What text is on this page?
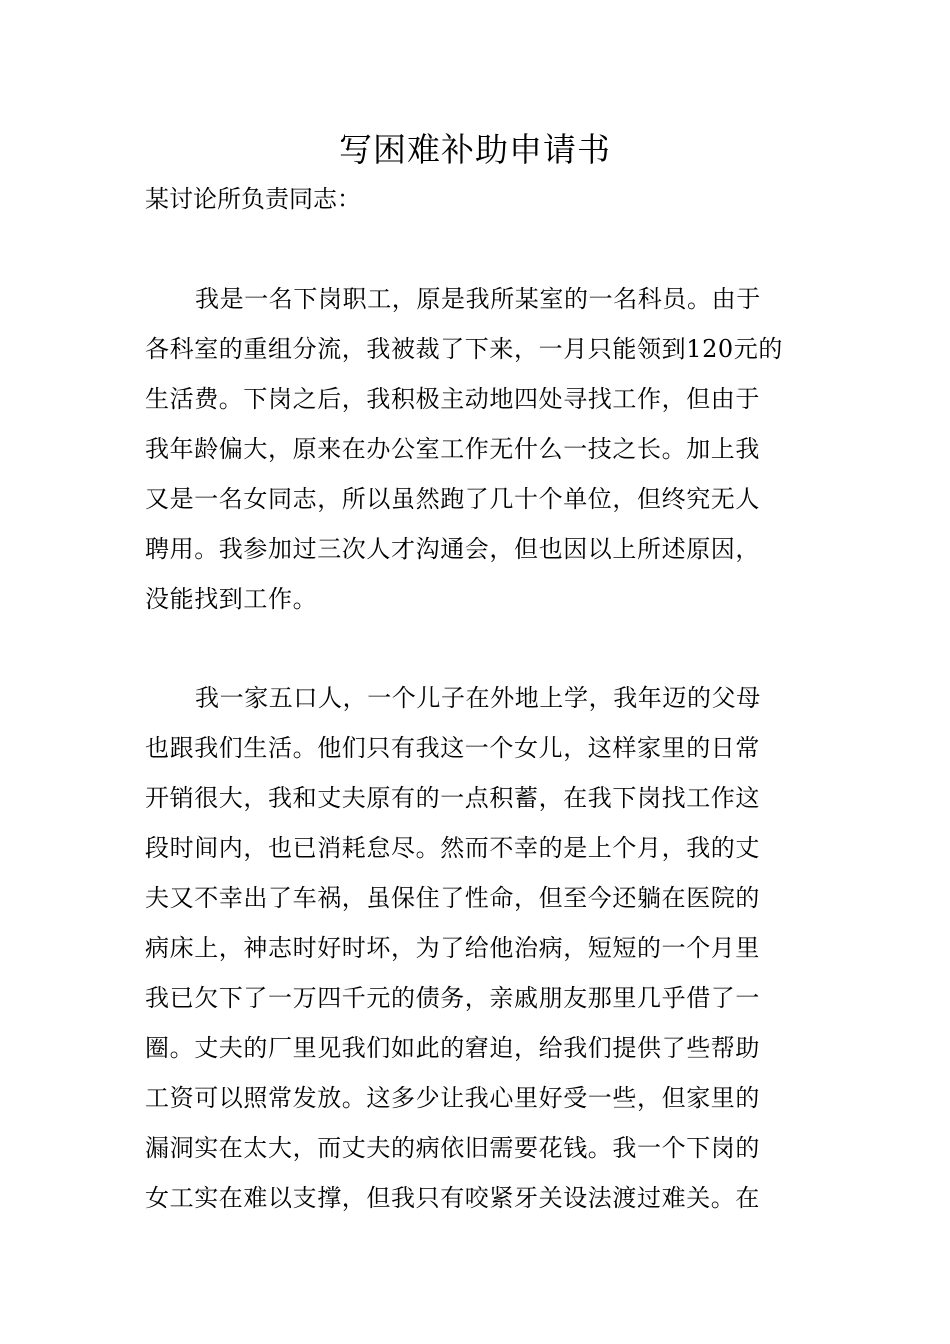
写困难补助申请书

某讨论所负责同志：

我是一名下岗职工，原是我所某室的一名科员。由于
各科室的重组分流，我被裁了下来，一月只能领到120元的
生活费。下岗之后，我积极主动地四处寻找工作，但由于
我年龄偏大，原来在办公室工作无什么一技之长。加上我
又是一名女同志，所以虽然跑了几十个单位，但终究无人
聘用。我参加过三次人才沟通会，但也因以上所述原因，
没能找到工作。
我一家五口人，一个儿子在外地上学，我年迈的父母
也跟我们生活。他们只有我这一个女儿，这样家里的日常
开销很大，我和丈夫原有的一点积蓄，在我下岗找工作这
段时间内，也已消耗怠尽。然而不幸的是上个月，我的丈
夫又不幸出了车祸，虽保住了性命，但至今还躺在医院的
病床上，神志时好时坏，为了给他治病，短短的一个月里
我已欠下了一万四千元的债务，亲戚朋友那里几乎借了一
圈。丈夫的厂里见我们如此的窘迫，给我们提供了些帮助
工资可以照常发放。这多少让我心里好受一些，但家里的
漏洞实在太大，而丈夫的病依旧需要花钱。我一个下岗的
女工实在难以支撑，但我只有咬紧牙关设法渡过难关。在
